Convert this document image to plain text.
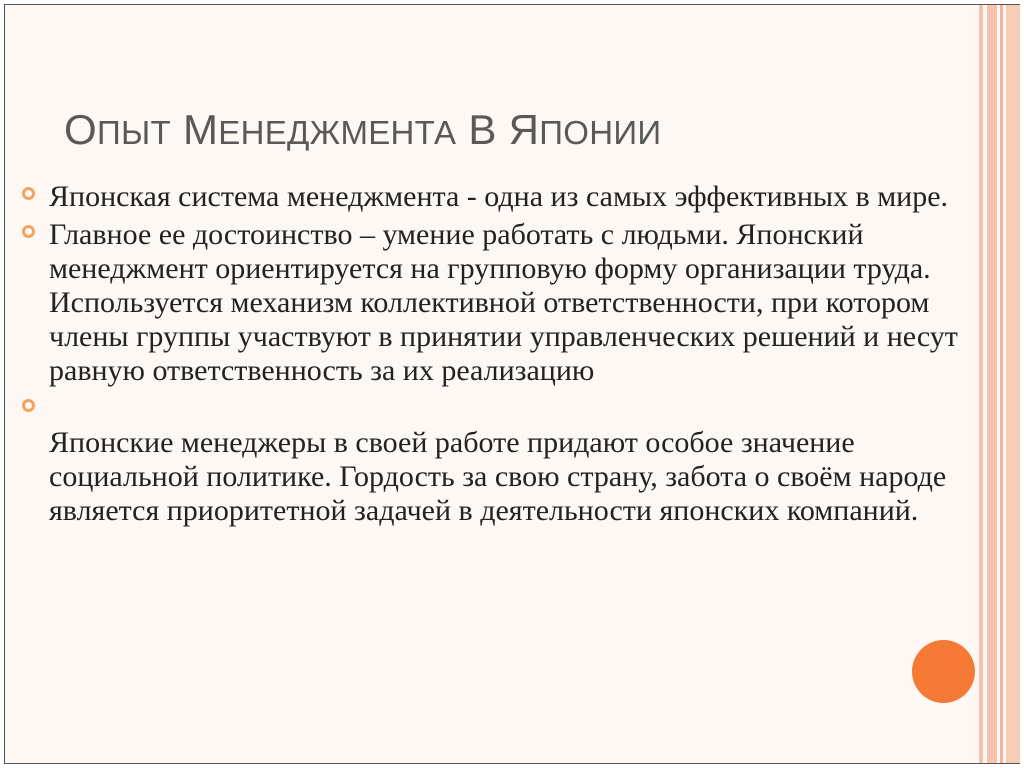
ОПЫТ МЕНЕДЖМЕНТА В ЯПОНИИ
Японская система менеджмента - одна из самых эффективных в мире.
Главное ее достоинство – умение работать с людьми. Японский менеджмент ориентируется на групповую форму организации труда. Используется механизм коллективной ответственности, при котором члены группы участвуют в принятии управленческих решений и несут равную ответственность за их реализацию
Японские менеджеры в своей работе придают особое значение социальной политике. Гордость за свою страну, забота о своём народе является приоритетной задачей в деятельности японских компаний.
